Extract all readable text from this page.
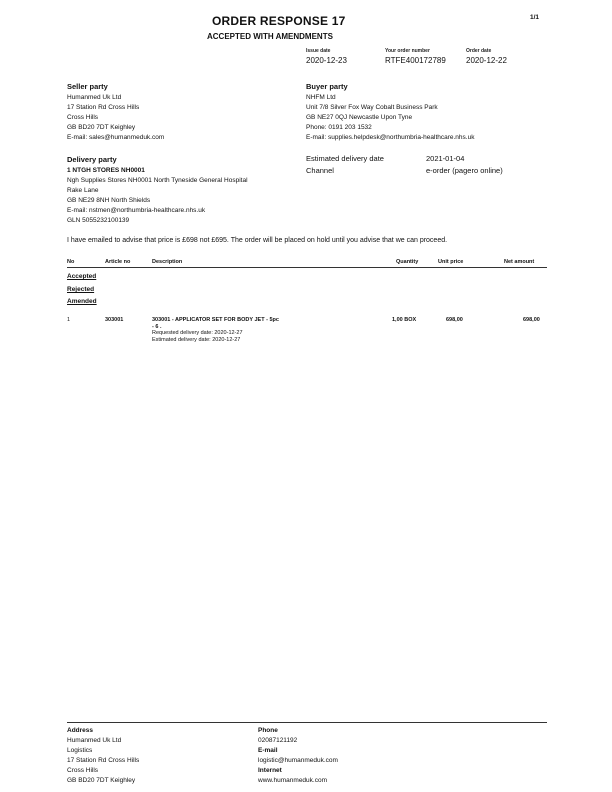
ORDER RESPONSE 17	1/1
ACCEPTED WITH AMENDMENTS
Issue date
2020-12-23
Your order number
RTFE400172789
Order date
2020-12-22
Seller party
Humanmed Uk Ltd
17 Station Rd Cross Hills
Cross Hills
GB BD20 7DT Keighley
E-mail: sales@humanmeduk.com
Buyer party
NHFM Ltd
Unit 7/8 Silver Fox Way Cobalt Business Park
GB NE27 0QJ Newcastle Upon Tyne
Phone: 0191 203 1532
E-mail: supplies.helpdesk@northumbria-healthcare.nhs.uk
Delivery party
1 NTGH STORES NH0001
Ngh Supplies Stores NH0001 North Tyneside General Hospital
Rake Lane
GB NE29 8NH North Shields
E-mail: nstmen@northumbria-healthcare.nhs.uk
GLN 5055232100139
Estimated delivery date	2021-01-04
Channel	e-order (pagero online)
I have emailed to advise that price is £698 not £695. The order will be placed on hold until you advise that we can proceed.
No	Article no	Description	Quantity	Unit price	Net amount
Accepted
Rejected
Amended
1	303001	303001 - APPLICATOR SET FOR BODY JET - 5pc
- 6 .
Requested delivery date: 2020-12-27
Estimated delivery date: 2020-12-27
1,00 BOX	698,00	698,00
Address
Humanmed Uk Ltd
Logistics
17 Station Rd Cross Hills
Cross Hills
GB BD20 7DT Keighley
Phone
02087121192
E-mail
logistic@humanmeduk.com
Internet
www.humanmeduk.com
